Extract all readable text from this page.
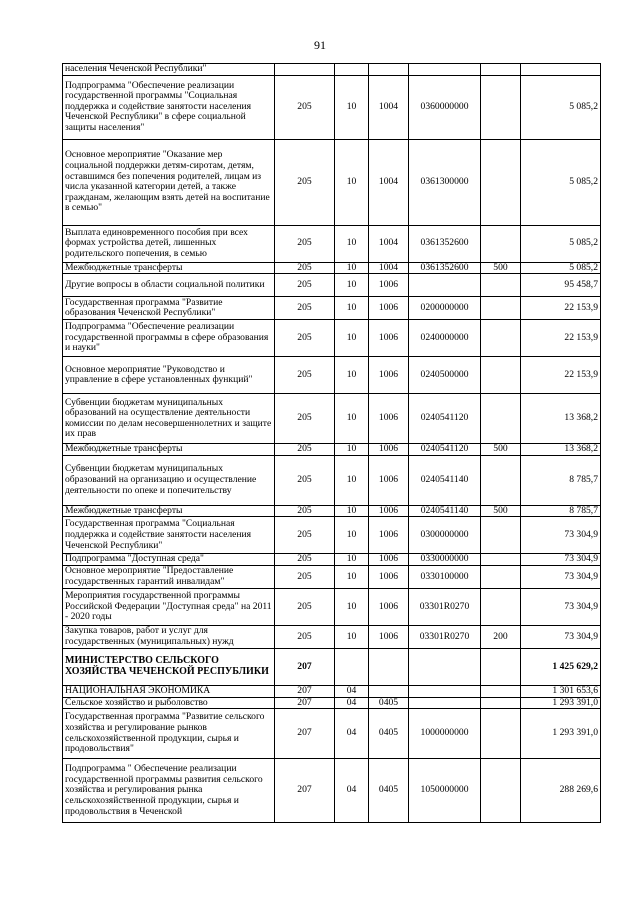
91
населения Чеченской Республики"						
Подпрограмма "Обеспечение реализации государственной программы "Социальная поддержка и содействие занятости населения Чеченской Республики" в сфере социальной защиты населения"	205	10	1004	0360000000		5 085,2
Основное мероприятие "Оказание мер социальной поддержки детям-сиротам, детям, оставшимся без попечения родителей, лицам из числа указанной категории детей, а также гражданам, желающим взять детей на воспитание в семью"	205	10	1004	0361300000		5 085,2
Выплата единовременного пособия при всех формах устройства детей, лишенных родительского попечения, в семью	205	10	1004	0361352600		5 085,2
Межбюджетные трансферты	205	10	1004	0361352600	500	5 085,2
Другие вопросы в области социальной политики	205	10	1006			95 458,7
Государственная программа "Развитие образования Чеченской Республики"	205	10	1006	0200000000		22 153,9
Подпрограмма "Обеспечение реализации государственной программы в сфере образования и науки"	205	10	1006	0240000000		22 153,9
Основное мероприятие "Руководство и управление в сфере установленных функций"	205	10	1006	0240500000		22 153,9
Субвенции бюджетам муниципальных образований на осуществление деятельности комиссии по делам несовершеннолетних и защите их прав	205	10	1006	0240541120		13 368,2
Межбюджетные трансферты	205	10	1006	0240541120	500	13 368,2
Субвенции бюджетам муниципальных образований на организацию и осуществление деятельности по опеке и попечительству	205	10	1006	0240541140		8 785,7
Межбюджетные трансферты	205	10	1006	0240541140	500	8 785,7
Государственная программа "Социальная поддержка и содействие занятости населения Чеченской Республики"	205	10	1006	0300000000		73 304,9
Подпрограмма "Доступная среда"	205	10	1006	0330000000		73 304,9
Основное мероприятие "Предоставление государственных гарантий инвалидам"	205	10	1006	0330100000		73 304,9
Мероприятия государственной программы Российской Федерации "Доступная среда" на 2011 - 2020 годы	205	10	1006	03301R0270		73 304,9
Закупка товаров, работ и услуг для государственных (муниципальных) нужд	205	10	1006	03301R0270	200	73 304,9
МИНИСТЕРСТВО СЕЛЬСКОГО ХОЗЯЙСТВА ЧЕЧЕНСКОЙ РЕСПУБЛИКИ	207					1 425 629,2
НАЦИОНАЛЬНАЯ ЭКОНОМИКА	207	04				1 301 653,6
Сельское хозяйство и рыболовство	207	04	0405			1 293 391,0
Государственная программа "Развитие сельского хозяйства и регулирование рынков сельскохозяйственной продукции, сырья и продовольствия"	207	04	0405	1000000000		1 293 391,0
Подпрограмма " Обеспечение реализации государственной программы развития сельского хозяйства и регулирования рынка сельскохозяйственной продукции, сырья и продовольствия в Чеченской	207	04	0405	1050000000		288 269,6
